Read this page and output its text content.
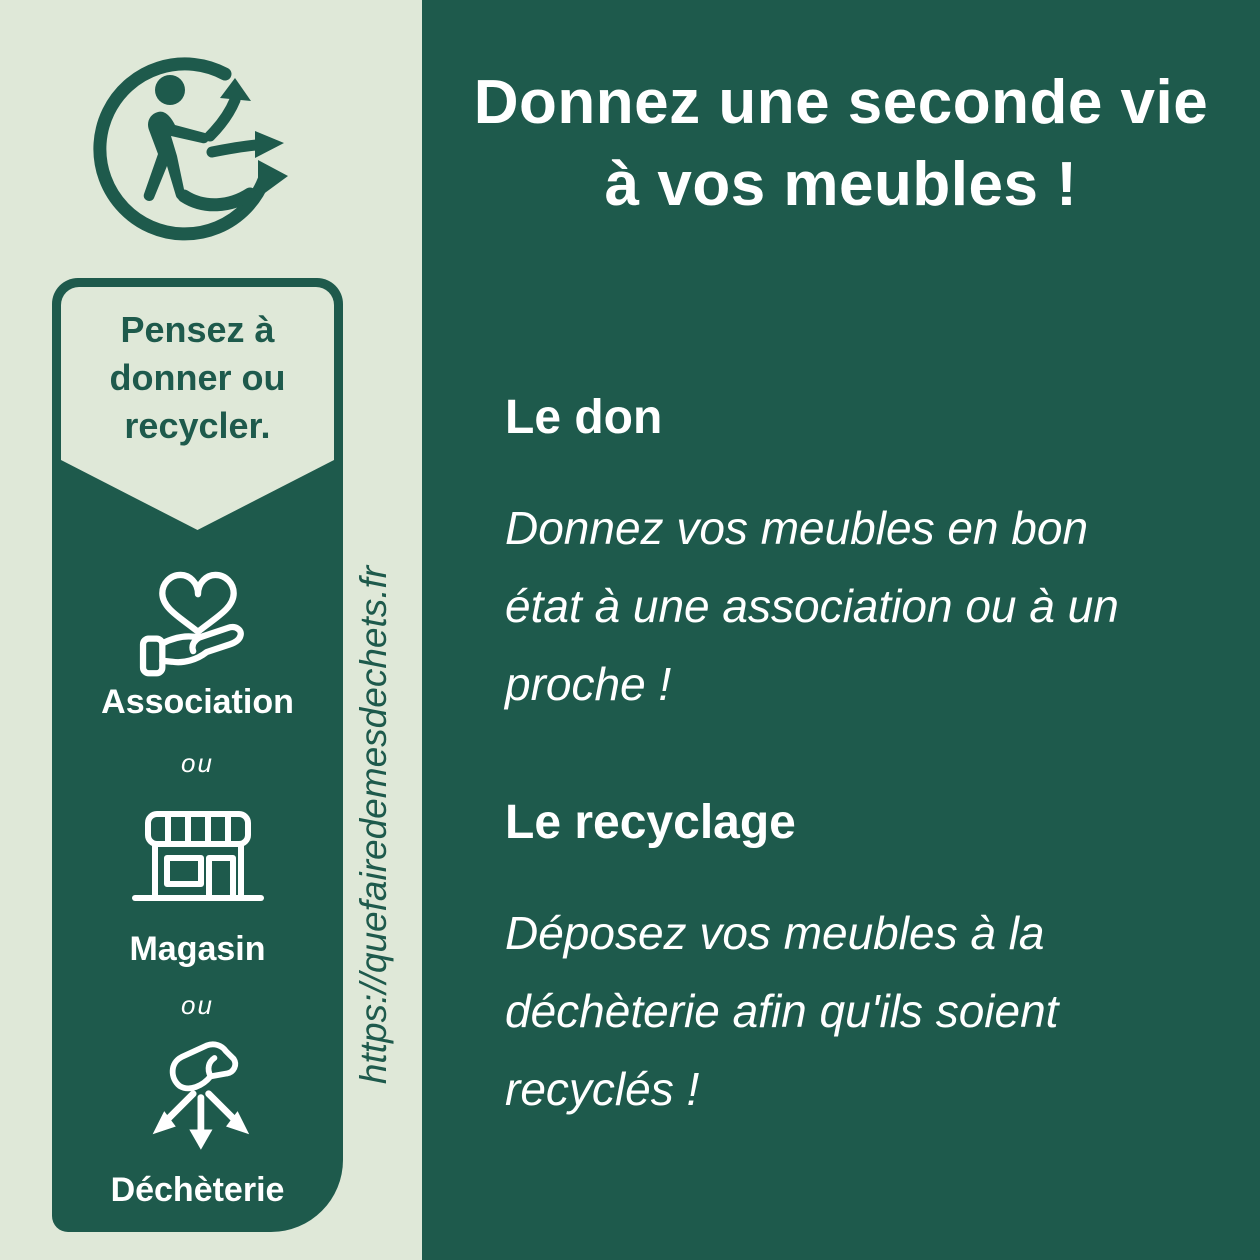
Pensez à
donner ou
recycler.
Association
ou
Magasin
ou
Déchèterie
https://quefairedemesdechets.fr
Donnez une seconde vie
à vos meubles !
Le don
Donnez vos meubles en bon
état à une association ou à un
proche !
Le recyclage
Déposez vos meubles à la
déchèterie afin qu'ils soient
recyclés !
